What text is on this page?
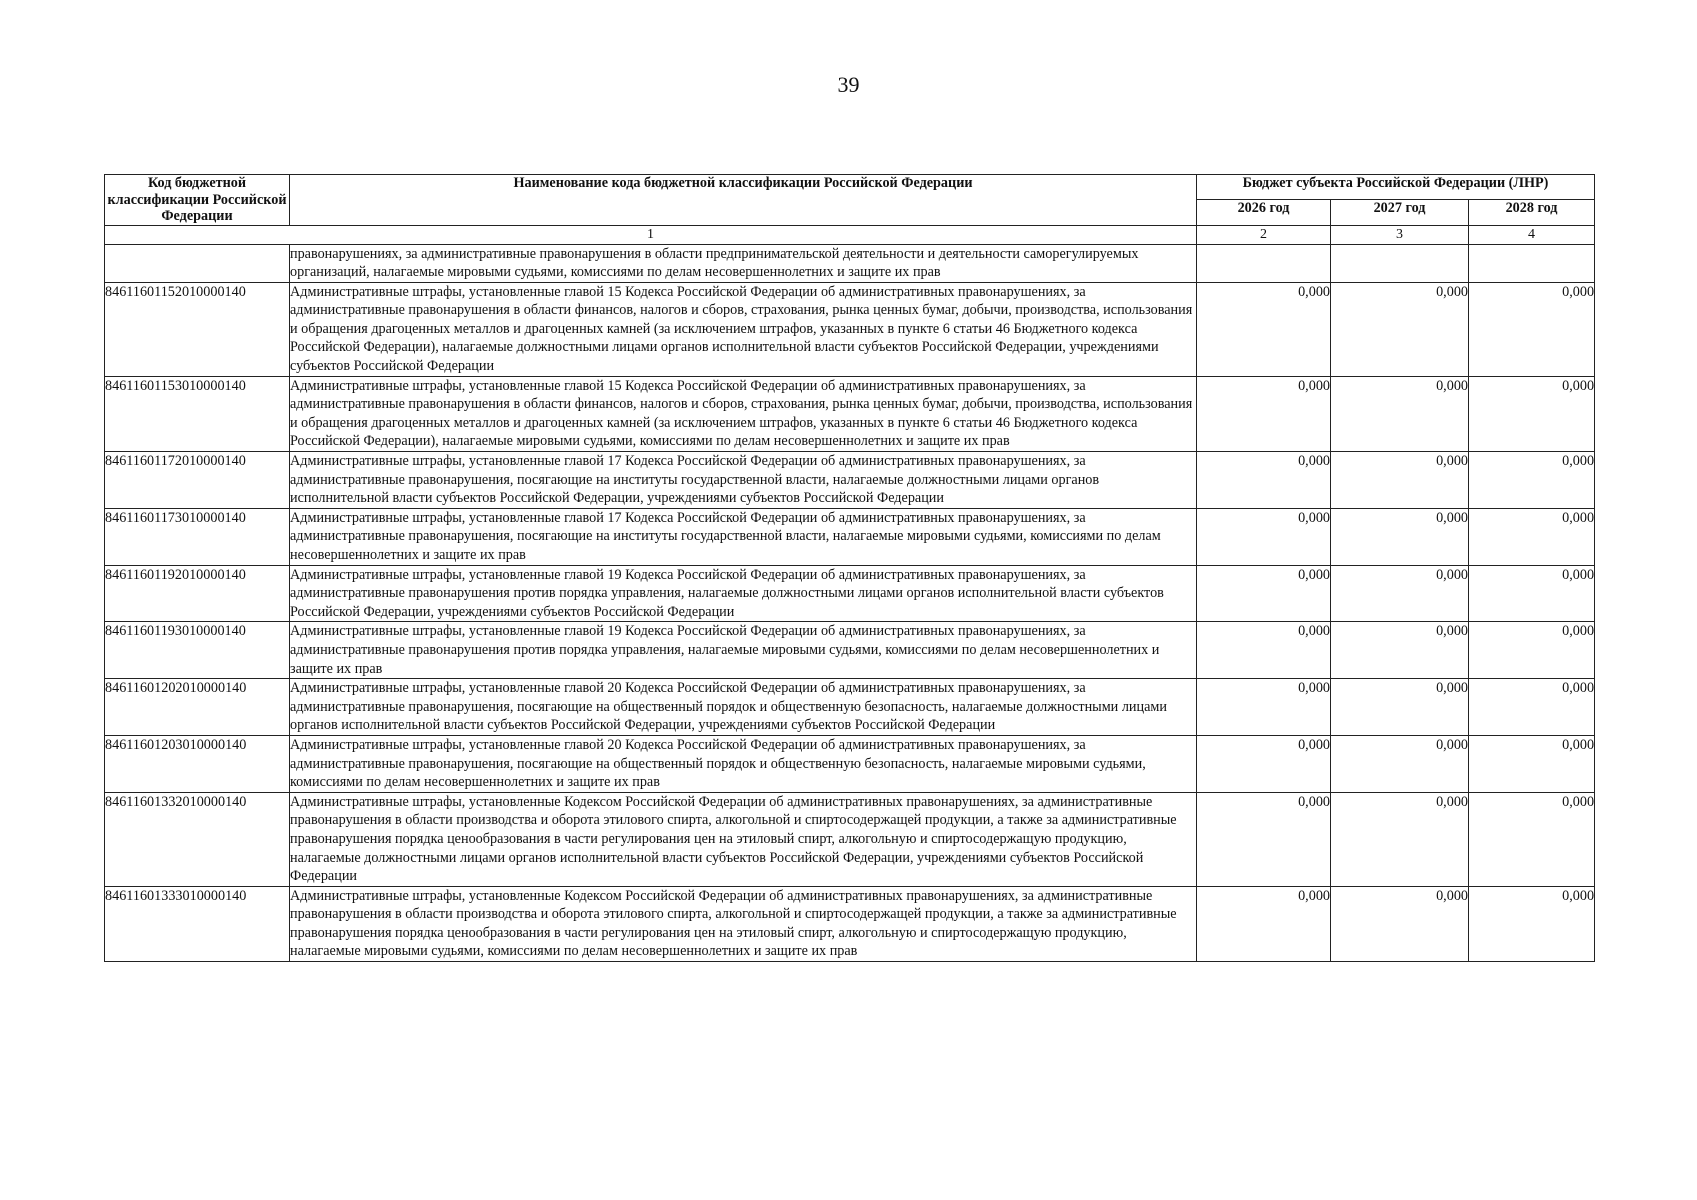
39
Код бюджетной классификации Российской Федерации	Наименование кода бюджетной классификации Российской Федерации	Бюджет субъекта Российской Федерации (ЛНР)		
		2026 год	2027 год	2028 год
1		2	3	4
	правонарушениях, за административные правонарушения в области предпринимательской деятельности и деятельности саморегулируемых организаций, налагаемые мировыми судьями, комиссиями по делам несовершеннолетних и защите их прав			
84611601152010000140	Административные штрафы, установленные главой 15 Кодекса Российской Федерации об административных правонарушениях, за административные правонарушения в области финансов, налогов и сборов, страхования, рынка ценных бумаг, добычи, производства, использования и обращения драгоценных металлов и драгоценных камней (за исключением штрафов, указанных в пункте 6 статьи 46 Бюджетного кодекса Российской Федерации), налагаемые должностными лицами органов исполнительной власти субъектов Российской Федерации, учреждениями субъектов Российской Федерации	0,000	0,000	0,000
84611601153010000140	Административные штрафы, установленные главой 15 Кодекса Российской Федерации об административных правонарушениях, за административные правонарушения в области финансов, налогов и сборов, страхования, рынка ценных бумаг, добычи, производства, использования и обращения драгоценных металлов и драгоценных камней (за исключением штрафов, указанных в пункте 6 статьи 46 Бюджетного кодекса Российской Федерации), налагаемые мировыми судьями, комиссиями по делам несовершеннолетних и защите их прав	0,000	0,000	0,000
84611601172010000140	Административные штрафы, установленные главой 17 Кодекса Российской Федерации об административных правонарушениях, за административные правонарушения, посягающие на институты государственной власти, налагаемые должностными лицами органов исполнительной власти субъектов Российской Федерации, учреждениями субъектов Российской Федерации	0,000	0,000	0,000
84611601173010000140	Административные штрафы, установленные главой 17 Кодекса Российской Федерации об административных правонарушениях, за административные правонарушения, посягающие на институты государственной власти, налагаемые мировыми судьями, комиссиями по делам несовершеннолетних и защите их прав	0,000	0,000	0,000
84611601192010000140	Административные штрафы, установленные главой 19 Кодекса Российской Федерации об административных правонарушениях, за административные правонарушения против порядка управления, налагаемые должностными лицами органов исполнительной власти субъектов Российской Федерации, учреждениями субъектов Российской Федерации	0,000	0,000	0,000
84611601193010000140	Административные штрафы, установленные главой 19 Кодекса Российской Федерации об административных правонарушениях, за административные правонарушения против порядка управления, налагаемые мировыми судьями, комиссиями по делам несовершеннолетних и защите их прав	0,000	0,000	0,000
84611601202010000140	Административные штрафы, установленные главой 20 Кодекса Российской Федерации об административных правонарушениях, за административные правонарушения, посягающие на общественный порядок и общественную безопасность, налагаемые должностными лицами органов исполнительной власти субъектов Российской Федерации, учреждениями субъектов Российской Федерации	0,000	0,000	0,000
84611601203010000140	Административные штрафы, установленные главой 20 Кодекса Российской Федерации об административных правонарушениях, за административные правонарушения, посягающие на общественный порядок и общественную безопасность, налагаемые мировыми судьями, комиссиями по делам несовершеннолетних и защите их прав	0,000	0,000	0,000
84611601332010000140	Административные штрафы, установленные Кодексом Российской Федерации об административных правонарушениях, за административные правонарушения в области производства и оборота этилового спирта, алкогольной и спиртосодержащей продукции, а также за административные правонарушения порядка ценообразования в части регулирования цен на этиловый спирт, алкогольную и спиртосодержащую продукцию, налагаемые должностными лицами органов исполнительной власти субъектов Российской Федерации, учреждениями субъектов Российской Федерации	0,000	0,000	0,000
84611601333010000140	Административные штрафы, установленные Кодексом Российской Федерации об административных правонарушениях, за административные правонарушения в области производства и оборота этилового спирта, алкогольной и спиртосодержащей продукции, а также за административные правонарушения порядка ценообразования в части регулирования цен на этиловый спирт, алкогольную и спиртосодержащую продукцию, налагаемые мировыми судьями, комиссиями по делам несовершеннолетних и защите их прав	0,000	0,000	0,000
